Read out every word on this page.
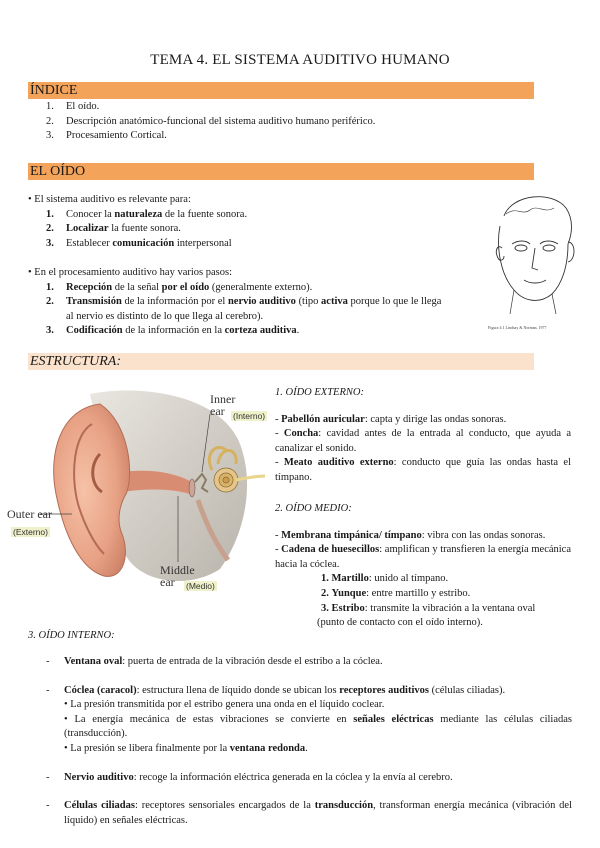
TEMA 4. EL SISTEMA AUDITIVO HUMANO
ÍNDICE
1. El oído.
2. Descripción anatómico-funcional del sistema auditivo humano periférico.
3. Procesamiento Cortical.
EL OÍDO
• El sistema auditivo es relevante para:
1. Conocer la naturaleza de la fuente sonora.
2. Localizar la fuente sonora.
3. Establecer comunicación interpersonal
• En el procesamiento auditivo hay varios pasos:
1. Recepción de la señal por el oído (generalmente externo).
2. Transmisión de la información por el nervio auditivo (tipo activa porque lo que le llega
al nervio es distinto de lo que llega al cerebro).
3. Codificación de la información en la corteza auditiva.	Figura 4.1 Lindsay & Norman, 1977
ESTRUCTURA:
Inner
ear (Interno)
Outer ear
(Externo)
Middle
ear	(Medio)
1. OÍDO EXTERNO:
- Pabellón auricular: capta y dirige las ondas sonoras.
- Concha: cavidad antes de la entrada al conducto, que ayuda a canalizar el sonido.
- Meato auditivo externo: conducto que guía las ondas hasta el tímpano.
2. OÍDO MEDIO:
- Membrana timpánica/ tímpano: vibra con las ondas sonoras.
- Cadena de huesecillos: amplifican y transfieren la energía mecánica hacia la cóclea.
1. Martillo: unido al tímpano.
2. Yunque: entre martillo y estribo.
3. Estribo: transmite la vibración a la ventana oval
(punto de contacto con el oído interno).
3. OÍDO INTERNO:
- Ventana oval: puerta de entrada de la vibración desde el estribo a la cóclea.
- Cóclea (caracol): estructura llena de líquido donde se ubican los receptores auditivos (células ciliadas).
• La presión transmitida por el estribo genera una onda en el líquido coclear.
• La energía mecánica de estas vibraciones se convierte en señales eléctricas mediante las células ciliadas (transducción).
• La presión se libera finalmente por la ventana redonda.
- Nervio auditivo: recoge la información eléctrica generada en la cóclea y la envía al cerebro.
- Células ciliadas: receptores sensoriales encargados de la transducción, transforman energía mecánica (vibración del líquido) en señales eléctricas.
